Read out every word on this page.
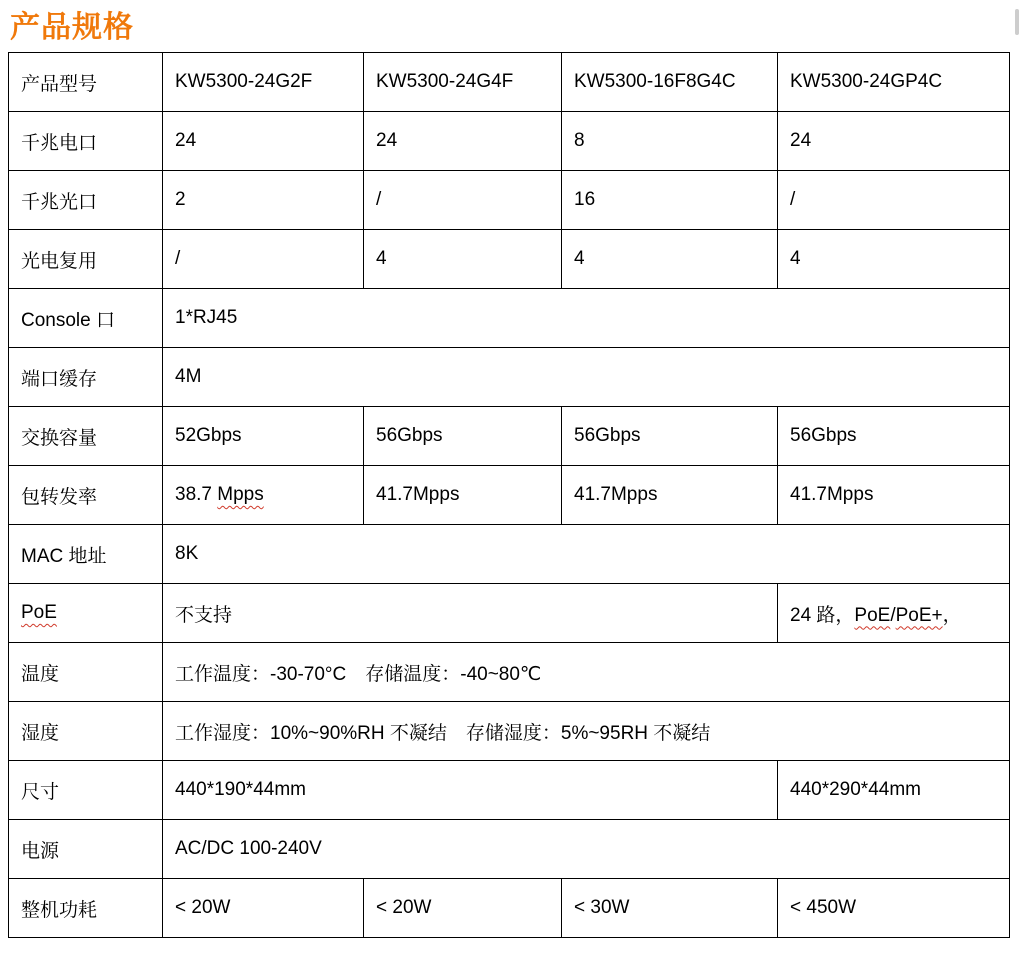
产品规格
产品型号	KW5300-24G2F	KW5300-24G4F	KW5300-16F8G4C	KW5300-24GP4C
千兆电口	24	24	8	24
千兆光口	2	/	16	/
光电复用	/	4	4	4
Console 口	1*RJ45			
端口缓存	4M			
交换容量	52Gbps	56Gbps	56Gbps	56Gbps
包转发率	38.7 Mpps	41.7Mpps	41.7Mpps	41.7Mpps
MAC 地址	8K			
PoE	不支持			24 路，PoE/PoE+，
温度	工作温度：-30-70°C　存储温度：-40~80℃			
湿度	工作湿度：10%~90%RH 不凝结　存储湿度：5%~95RH 不凝结			
尺寸	440*190*44mm			440*290*44mm
电源	AC/DC 100-240V			
整机功耗	< 20W	< 20W	< 30W	< 450W
